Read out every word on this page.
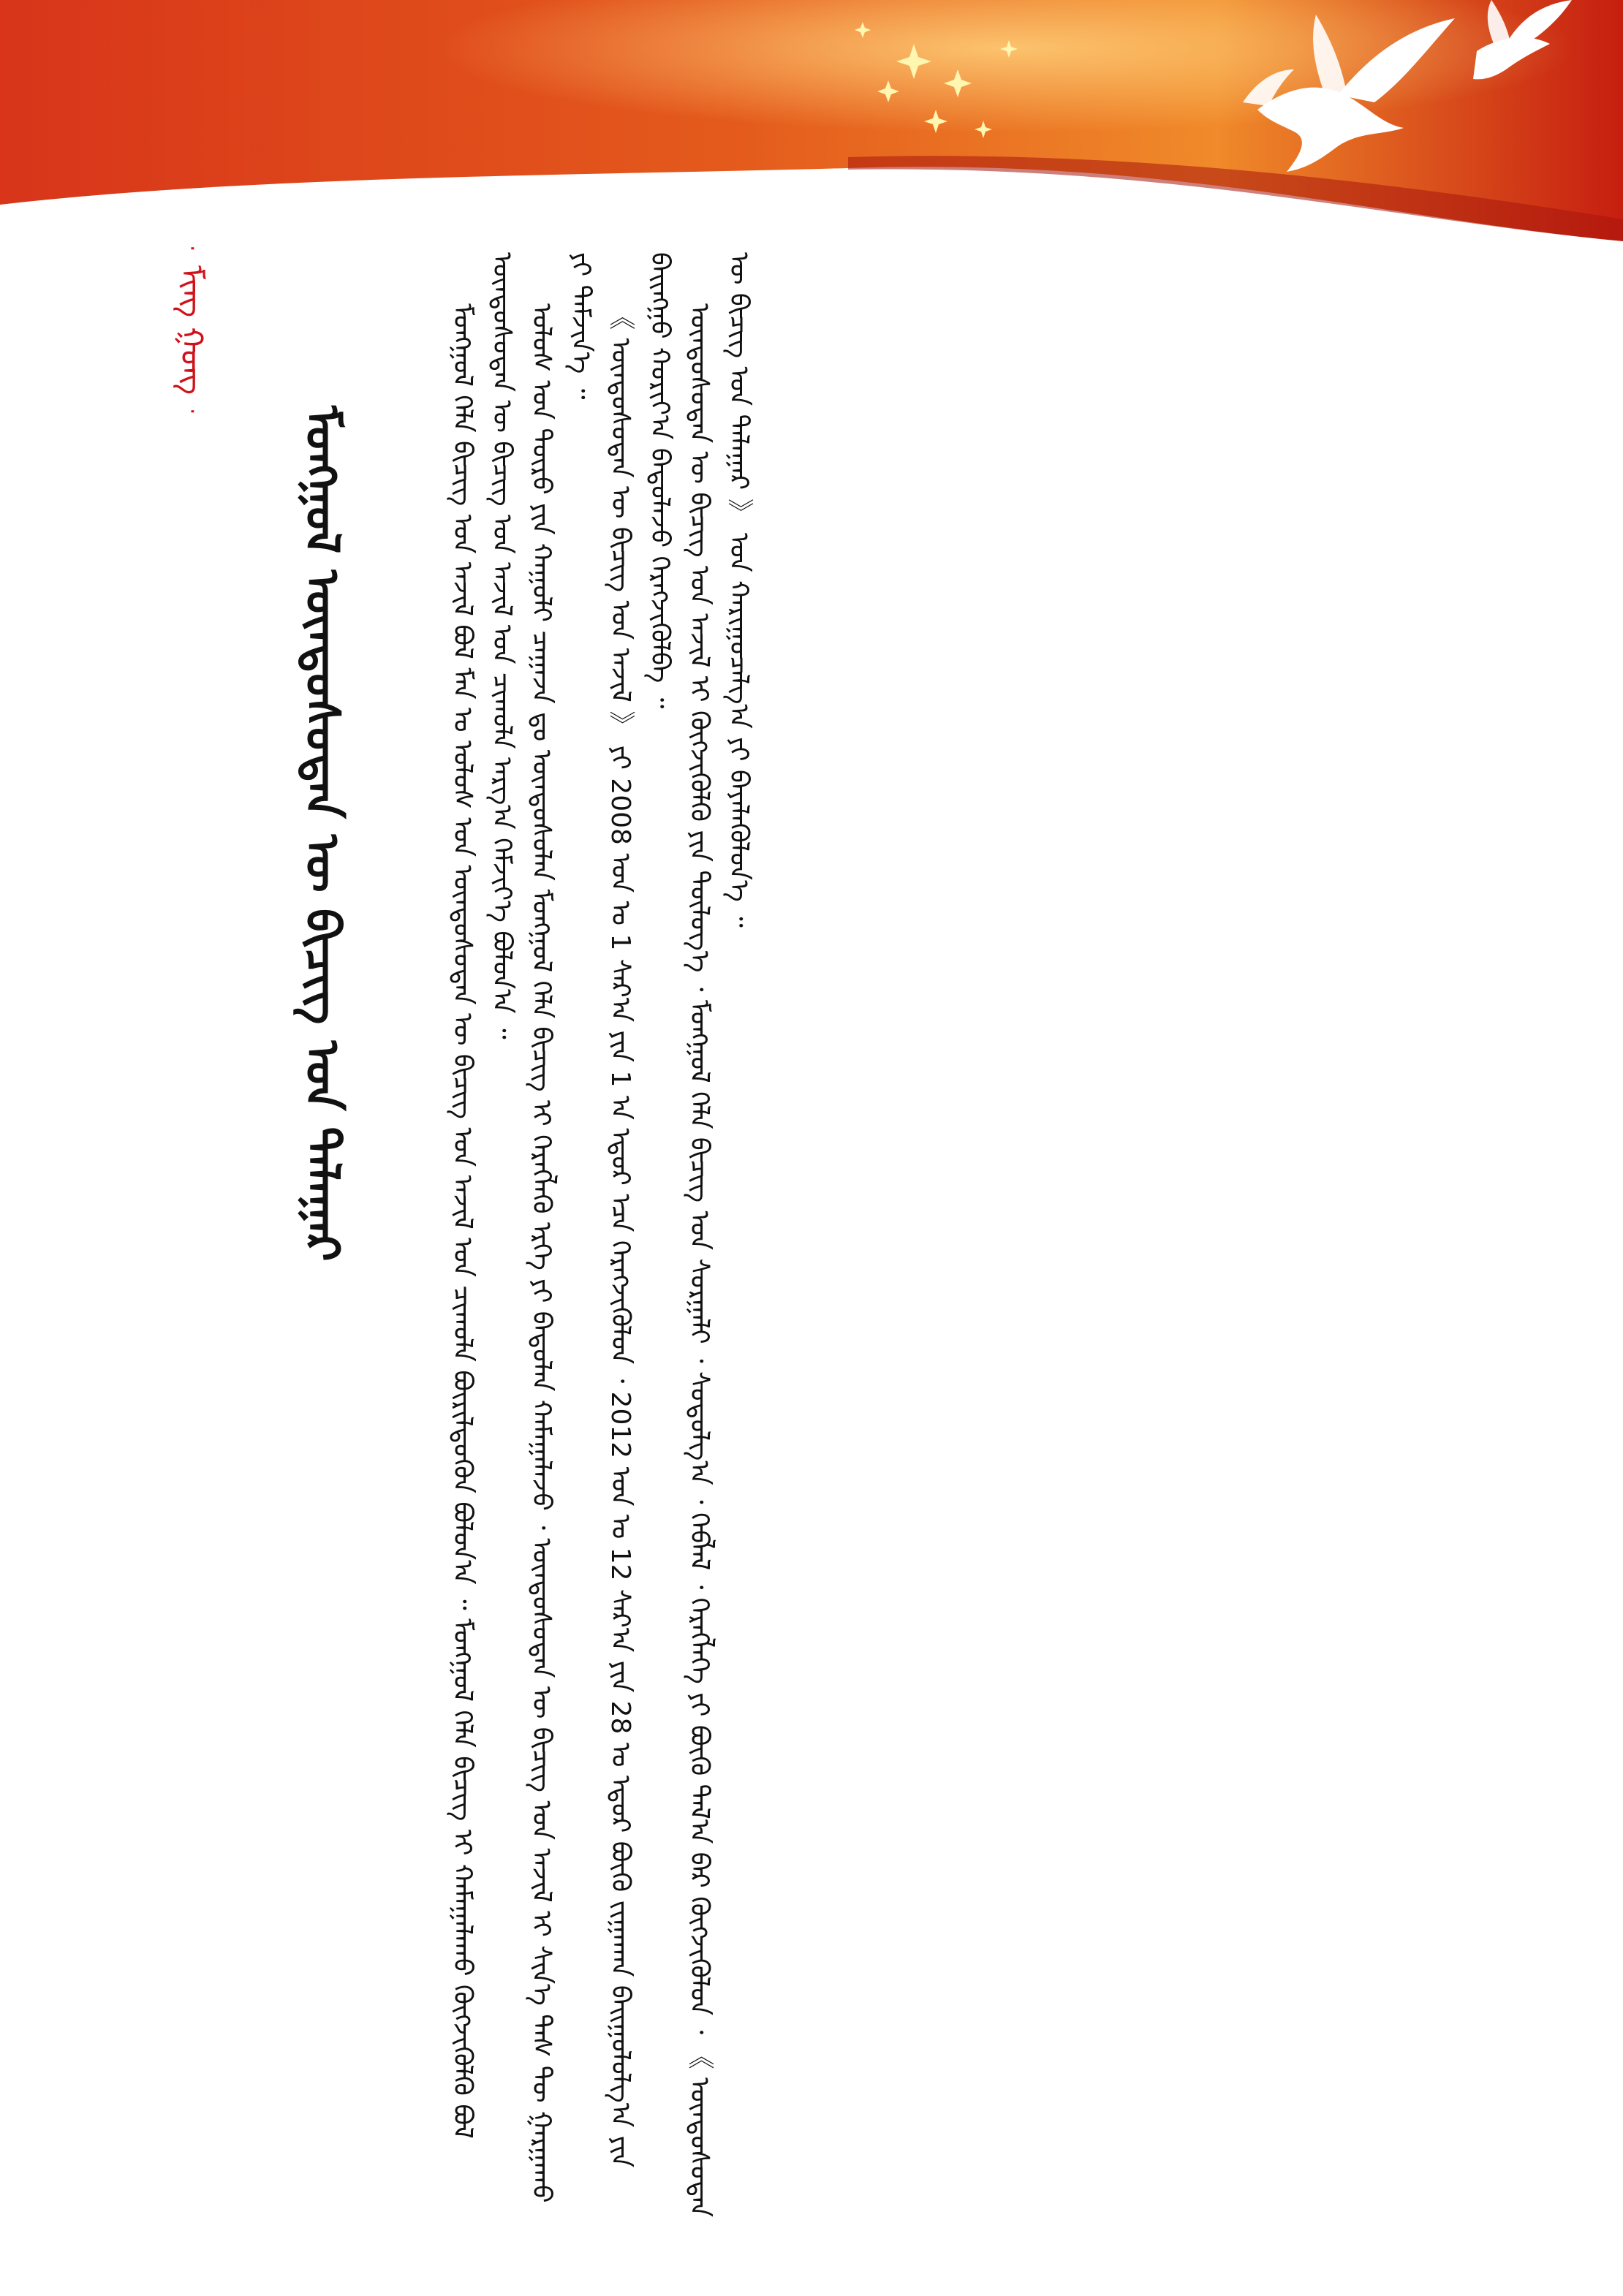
·
ᠮᠢᠩ ᠭᠤᠩ
· ᠮᠤᠩᠭᠤᠯ ᠦᠨᠳᠦᠰᠦᠲᠡᠨ ᠦ ᠪᠢᠴᠢᠭ ᠤᠨ ᠲᠠᠯᠠᠭᠠᠷ	ᠮᠤᠩᠭᠤᠯ ᠬᠡᠯᠡ ᠪᠢᠴᠢᠭ ᠤᠨ ᠠᠵᠢᠯ ᠪᠣᠯ ᠮᠠᠨ ᠤ ᠤᠯᠤᠰ ᠤᠨ ᠦᠨᠳᠦᠰᠦᠲᠡᠨ ᠦ ᠪᠢᠴᠢᠭ ᠤᠨ ᠠᠵᠢᠯ ᠤᠨ ᠴᠢᠬᠤᠯᠠ ᠪᠦᠷᠢᠯᠳᠦᠬᠦᠨ ᠪᠣᠯᠤᠨ᠎ᠠ ᠃ ᠮᠤᠩᠭᠤᠯ ᠬᠡᠯᠡ ᠪᠢᠴᠢᠭ ᠢ ᠬᠠᠮᠠᠭᠠᠯᠠᠬᠤ ᠬᠥᠭᠵᠢᠭᠦᠯᠬᠦ ᠪᠣᠯ ᠦᠨᠳᠦᠰᠦᠲᠡᠨ ᠦ ᠪᠢᠴᠢᠭ ᠤᠨ ᠠᠵᠢᠯ ᠤᠨ ᠴᠢᠬᠤᠯᠠ ᠠᠷᠭ᠎ᠠ ᠬᠡᠮᠵᠢᠶ᠎ᠡ ᠪᠣᠯᠤᠨ᠎ᠠ ᠃ ᠤᠯᠤᠰ ᠤᠨ ᠲᠥᠷᠦ ᠶᠢᠨ ᠬᠠᠭᠤᠯᠢ ᠴᠠᠭᠠᠵᠠ ᠳᠤ ᠦᠨᠳᠦᠰᠦᠯᠡᠨ ᠮᠤᠩᠭᠤᠯ ᠬᠡᠯᠡ ᠪᠢᠴᠢᠭ ᠢ ᠬᠡᠷᠡᠭᠯᠡᠬᠦ ᠡᠷᠬᠡ ᠶᠢ ᠪᠠᠲᠤᠯᠠᠨ ᠬᠠᠮᠠᠭᠠᠯᠠᠵᠤ ᠂ ᠦᠨᠳᠦᠰᠦᠲᠡᠨ ᠦ ᠪᠢᠴᠢᠭ ᠤᠨ ᠠᠵᠢᠯ ᠢ ᠰᠢᠨ᠎ᠡ ᠳᠡᠰ ᠲᠦ ᠭᠠᠷᠭᠠᠬᠤ ᠶᠢ ᠳᠡᠮᠵᠢᠨ᠎ᠡ ᠃ 《 ᠦᠨᠳᠦᠰᠦᠲᠡᠨ ᠦ ᠪᠢᠴᠢᠭ ᠤᠨ ᠠᠵᠢᠯ 》 ᠶᠢ 2008 ᠣᠨ ᠤ 1 ᠰᠠᠷ᠎ᠠ ᠶᠢᠨ 1 ᠡᠨ ᠡᠳᠦᠷ ᠡᠴᠡ ᠬᠡᠷᠡᠭᠵᠢᠭᠦᠯᠦᠨ ᠂ 2012 ᠣᠨ ᠤ 12 ᠰᠠᠷ᠎ᠠ ᠶᠢᠨ 28 ᠤ ᠡᠳᠦᠷ ᠪᠦᠬᠦ ᠵᠢᠭᠠᠬᠠᠨ ᠪᠠᠢᠭᠤᠯᠤᠯᠭ᠎ᠠ ᠶᠢᠨ ᠪᠠᠢᠩᠭᠤ ᠬᠣᠷᠢᠶ᠎ᠠ ᠪᠠᠲᠤᠯᠠᠵᠤ ᠬᠡᠷᠡᠭᠵᠢᠭᠦᠯᠪᠡ ᠃ ᠦᠨᠳᠦᠰᠦᠲᠡᠨ ᠦ ᠪᠢᠴᠢᠭ ᠤᠨ ᠠᠵᠢᠯ ᠢ ᠬᠥᠭᠵᠢᠭᠦᠯᠬᠦ ᠶᠢᠨ ᠲᠥᠯᠦᠭ᠎ᠡ ᠂ ᠮᠤᠩᠭᠤᠯ ᠬᠡᠯᠡ ᠪᠢᠴᠢᠭ ᠤᠨ ᠰᠤᠷᠭᠠᠯᠢ ᠂ ᠰᠤᠳᠤᠯᠭ᠎ᠠ ᠂ ᠬᠡᠪᠯᠡᠯ ᠂ ᠬᠡᠷᠡᠭᠯᠡᠭᠡ ᠶᠢ ᠪᠦᠬᠦ ᠲᠠᠯ᠎ᠠ ᠪᠠᠷ ᠬᠥᠭᠵᠢᠭᠦᠯᠦᠨ ᠂ 《 ᠦᠨᠳᠦᠰᠦᠲᠡᠨ ᠦ ᠪᠢᠴᠢᠭ ᠤᠨ ᠲᠠᠯᠠᠭᠠᠷ 》 ᠤᠨ ᠬᠠᠷᠢᠭᠤᠴᠠᠯᠭ᠎ᠠ ᠶᠢ ᠪᠡᠶᠡᠯᠡᠭᠦᠯᠦᠨ᠎ᠡ ᠃
